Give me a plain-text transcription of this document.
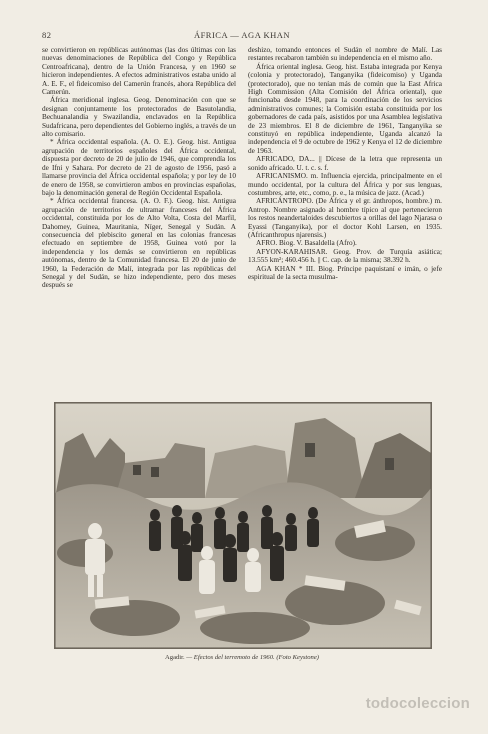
82	ÁFRICA — AGA KHAN

se convirtieron en repúblicas autónomas (las dos últimas con las nuevas denominaciones de República del Congo y República Centroafricana), dentro de la Unión Francesa, y en 1960 se hicieron independientes. A efectos administrativos estaba unido al A. E. F., el fideicomiso del Camerún francés, ahora República del Camerún.

África meridional inglesa. Geog. Denominación con que se designan conjuntamente los protectorados de Basutolandia, Bechuanalandia y Swazilandia, enclavados en la República Sudafricana, pero dependientes del Gobierno inglés, a través de un alto comisario.

* África occidental española. (A. O. E.). Geog. hist. Antigua agrupación de territorios españoles del África occidental, dispuesta por decreto de 20 de julio de 1946, que comprendía los de Ifni y Sahara. Por decreto de 21 de agosto de 1956, pasó a llamarse provincia del África occidental española; y por ley de 10 de enero de 1958, se convirtieron ambos en provincias españolas, bajo la denominación general de Región Occidental Española.

* África occidental francesa. (A. O. F.). Geog. hist. Antigua agrupación de territorios de ultramar franceses del África occidental, constituida por los de Alto Volta, Costa del Marfil, Dahomey, Guinea, Mauritania, Níger, Senegal y Sudán. A consecuencia del plebiscito general en las colonias francesas efectuado en septiembre de 1958, Guinea votó por la independencia y los demás se convirtieron en repúblicas autónomas, dentro de la Comunidad francesa. El 20 de junio de 1960, la Federación de Malí, integrada por las repúblicas del Senegal y del Sudán, se hizo independiente, pero dos meses después se

deshizo, tomando entonces el Sudán el nombre de Malí. Las restantes recabaron también su independencia en el mismo año.

África oriental inglesa. Geog. hist. Estaba integrada por Kenya (colonia y protectorado), Tanganyika (fideicomiso) y Uganda (protectorado), que no tenían más de común que la East Africa High Commission (Alta Comisión del África oriental), que funcionaba desde 1948, para la coordinación de los servicios administrativos comunes; la Comisión estaba constituida por los gobernadores de cada país, asistidos por una Asamblea legislativa de 23 miembros. El 8 de diciembre de 1961, Tanganyika se constituyó en república independiente, Uganda alcanzó la independencia el 9 de octubre de 1962 y Kenya el 12 de diciembre de 1963.

AFRICADO, DA... || Dícese de la letra que representa un sonido africado. U. t. c. s. f.

AFRICANISMO. m. Influencia ejercida, principalmente en el mundo occidental, por la cultura del África y por sus lenguas, costumbres, arte, etc., como, p. e., la música de jazz. (Acad.)

AFRICÁNTROPO. (De África y el gr. ánthropos, hombre.) m. Antrop. Nombre asignado al hombre típico al que pertenecieron los restos neandertaloides descubiertos a orillas del lago Njarasa o Eyassi (Tanganyika), por el doctor Kohl Larsen, en 1935. (Africanthropus njarensis.)

AFRO. Biog. V. Basaldella (Afro).

AFYON-KARAHISAR. Geog. Prov. de Turquía asiática; 13.555 km²; 460.456 h. || C. cap. de la misma; 38.392 h.

AGA KHAN * III. Biog. Príncipe paquistaní e imán, o jefe espiritual de la secta musulma-

Agadir. — Efectos del terremoto de 1960. (Foto Keystone)
todocoleccion
